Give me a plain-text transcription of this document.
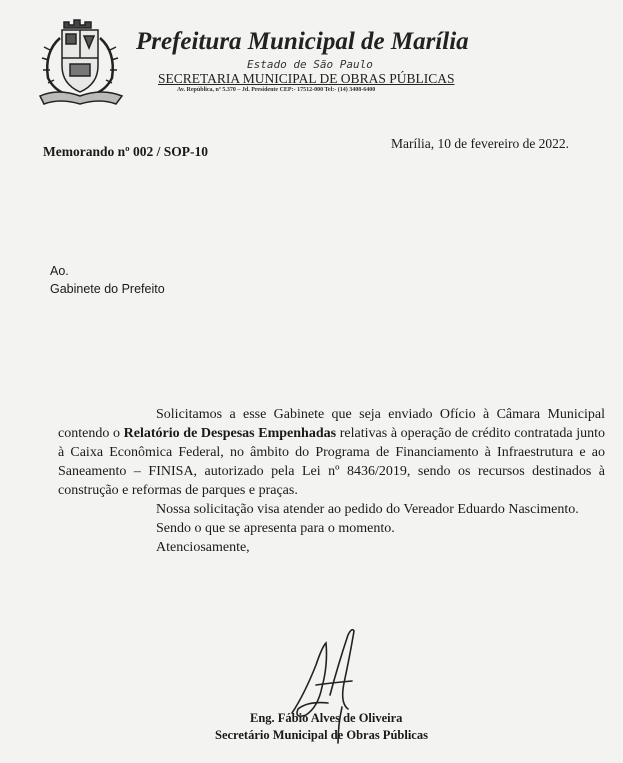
Prefeitura Municipal de Marília
Estado de São Paulo
SECRETARIA MUNICIPAL DE OBRAS PÚBLICAS
Av. República, nº 5.370 – Jd. Presidente CEP:- 17512-000 Tel:- (14) 3408-6400
Memorando nº 002 / SOP-10
Marília, 10 de fevereiro de 2022.
Ao.
Gabinete do Prefeito

Solicitamos a esse Gabinete que seja enviado Ofício à Câmara Municipal contendo o Relatório de Despesas Empenhadas relativas à operação de crédito contratada junto à Caixa Econômica Federal, no âmbito do Programa de Financiamento à Infraestrutura e ao Saneamento – FINISA, autorizado pela Lei nº 8436/2019, sendo os recursos destinados à construção e reformas de parques e praças.

Nossa solicitação visa atender ao pedido do Vereador Eduardo Nascimento.

Sendo o que se apresenta para o momento.

Atenciosamente,

Eng. Fábio Alves de Oliveira
Secretário Municipal de Obras Públicas
